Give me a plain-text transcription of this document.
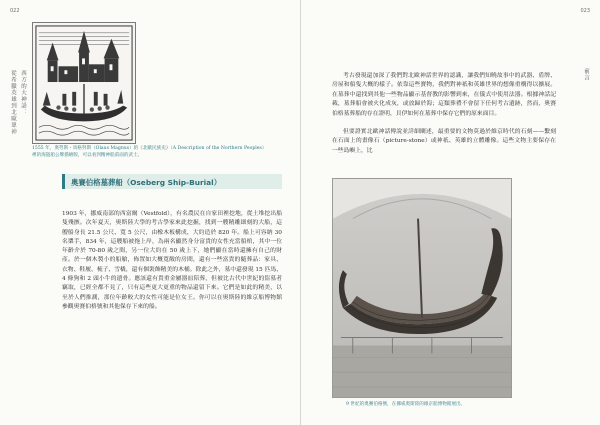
022
西方的大神話：
從希臘英雄到北歐眾神
1555 年，奧勞斯・馬格努斯（Olaus Magnus）的《北歐民族史》（A Description of the Northern Peoples）裡的海盜船公牌描繪版，可以看到精神船前面的武士。
奧賽伯格墓葬船（Oseberg Ship-Burial）

1903 年，挪威南部的西富爾（Vestfold），有名農民在自家田裡挖地，從土堆挖出船隻殘骸。次年夏天，奧斯陸大學的考古學家來此挖掘，找到一艘精雕細刻的大船，這艘船身長 21.5 公尺、寬 5 公尺，由橡木板構成，大約造於 820 年。船上可容納 30 名槳手，834 年，這艘船被拖上岸，為兩名顯然身分富貴的女性充當船棺，其中一位年齡介於 70-80 歲之間，另一位大約在 50 歲上下，她們顯在當時還擁有自己的財產。於一個木製小的船艙，佈置如大概寬敞的房間，還有一些富貴的隨葬品：家具、衣物、鞋履、梳子、雪橇，還有個裝飾精美的木桶。除此之外，墓中還發現 15 匹馬、4 條狗和 2 頭小牛的遺骨。應該還有貴重金屬器皿陪葬，但被比古代中世紀的盜墓者竊取，已經全都不見了，只有這些更大更重的物品還留下來。它們是如此的精美，以至於人們推測，那位年齡較大的女性可能是位女王。你可以在奧斯陸的維京船博物館參觀奧賽伯格號和其他保存下來的船。

023
前言

考古發現還加深了我們對北歐神話世界的認識，讓我們知曉故事中的武器、盾牌、房屋和船隻大概的樣子。依靠這些寶物，我們對神祇和英雄世界的想像重構得以擴展。在墓葬中還找到其他一些物品顯示基督教的影響到來，在儀式中使用法器。根據神話記載，墓葬船會被火化成灰，或放歸於海；這類葬禮不會留下任何考古遺跡，然而，奧賽伯格墓葬船的存在證明，貝伊如何在墓葬中保存它們的原來面目。

但要證實北歐神話傳說並詳細闡述，最重要的文物莫過於維京時代的石刻——繫刻在石面上的畫像石（picture-stone）或神祇、英雄的立體雕像。這些文物主要保存在一些島嶼上，比

9 世紀的奧賽伯格號，在挪威奧斯陸的維京船博物館展出。
